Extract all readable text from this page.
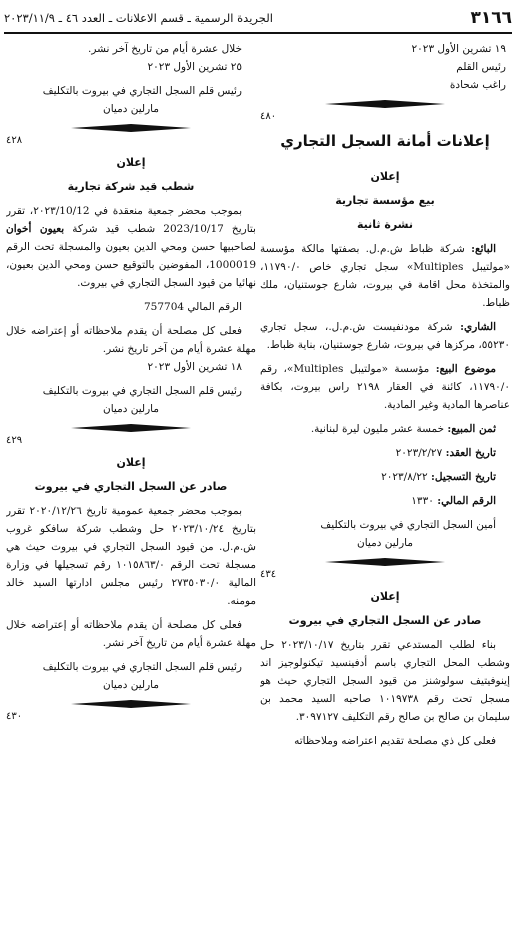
٣١٦٦
الجريدة الرسمية ـ قسم الاعلانات ـ العدد ٤٦ ـ ٢٠٢٣/١١/٩

١٩ تشرين الأول ٢٠٢٣

رئيس القلم

راغب شحادة

٤٨٠

إعلانات أمانة السجل التجاري

إعلان

بيع مؤسسة تجارية

نشرة ثانية

البائع: شركة ظباط ش.م.ل. بصفتها مالكة مؤسسة «مولتيبل Multiples» سجل تجاري خاص ١١٧٩٠/٠، والمتخذة محل اقامة في بيروت، شارع جوستنيان، ملك ظباط.

الشاري: شركة مودنفيست ش.م.ل.، سجل تجاري ٥٥٢٣٠، مركزها في بيروت، شارع جوستنيان، بناية ظباط.

موضوع البيع: مؤسسة «مولتيبل Multiples»، رقم ١١٧٩٠/٠، كائنة في العقار ٢١٩٨ راس بيروت، بكافة عناصرها المادية وغير المادية.

ثمن المبيع: خمسة عشر مليون ليرة لبنانية.

تاريخ العقد: ٢٠٢٣/٢/٢٧

تاريخ التسجيل: ٢٠٢٣/٨/٢٢

الرقم المالي: ١٣٣٠

أمين السجل التجاري في بيروت بالتكليف

مارلين دميان

٤٣٤

إعلان

صادر عن السجل التجاري في بيروت

بناء لطلب المستدعي تقرر بتاريخ ٢٠٢٣/١٠/١٧ حل وشطب المحل التجاري باسم أدفينسيد تيكنولوجيز اند إينوفيتيف سولوشنز من قيود السجل التجاري حيث هو مسجل تحت رقم ١٠١٩٧٣٨ صاحبه السيد محمد بن سليمان بن صالح بن صالح رقم التكليف ٣٠٩٧١٢٧.

فعلى كل ذي مصلحة تقديم اعتراضه وملاحظاته

خلال عشرة أيام من تاريخ آخر نشر.

٢٥ تشرين الأول ٢٠٢٣

رئيس قلم السجل التجاري في بيروت بالتكليف

مارلين دميان

٤٢٨

إعلان

شطب قيد شركة تجارية

بموجب محضر جمعية منعقدة في ٢٠٢٣/10/12، تقرر بتاريخ 2023/10/17 شطب قيد شركة بعيون أخوان لصاحبيها حسن ومحي الدين بعيون والمسجلة تحت الرقم 1000019، المفوضين بالتوقيع حسن ومحي الدين بعيون، نهائيا من قيود السجل التجاري في بيروت.

الرقم المالي 757704

فعلى كل مصلحة أن يقدم ملاحظاته أو إعتراضه خلال مهلة عشرة أيام من آخر تاريخ نشر.

١٨ تشرين الأول ٢٠٢٣

رئيس قلم السجل التجاري في بيروت بالتكليف

مارلين دميان

٤٢٩

إعلان

صادر عن السجل التجاري في بيروت

بموجب محضر جمعية عمومية تاريخ ٢٠٢٠/١٢/٢٦ تقرر بتاريخ ٢٠٢٣/١٠/٢٤ حل وشطب شركة سافكو غروب ش.م.ل. من قيود السجل التجاري في بيروت حيث هي مسجلة تحت الرقم ١٠١٥٨٦٣/٠ رقم تسجيلها في وزارة المالية ٢٧٣٥٠٣٠/٠ رئيس مجلس ادارتها السيد خالد مومنه.

فعلى كل مصلحة أن يقدم ملاحظاته أو إعتراضه خلال مهلة عشرة أيام من تاريخ آخر نشر.

رئيس قلم السجل التجاري في بيروت بالتكليف

مارلين دميان

٤٣٠
